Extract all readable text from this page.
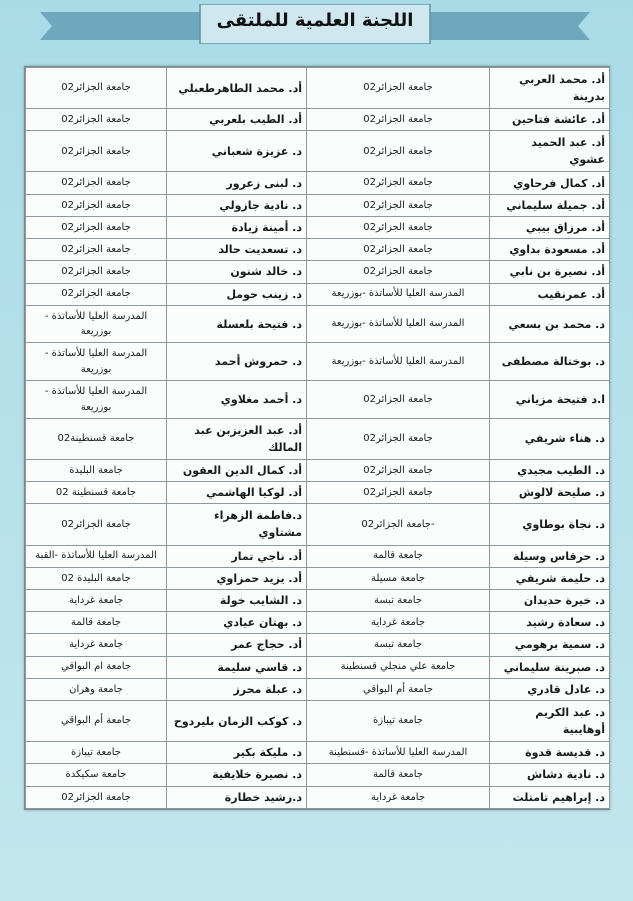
اللجنة العلمية للملتقى
أد. محمد العربي بدرينة	جامعة الجزائر02	أد. محمد الطاهرطعبلي	جامعة الجزائر02
أد. عائشة فتاحين	جامعة الجزائر02	أد. الطيب بلعربي	جامعة الجزائر02
أد. عبد الحميد عشوي	جامعة الجزائر02	د. عزيزة شعباني	جامعة الجزائر02
أد. كمال فرحاوي	جامعة الجزائر02	د. لبنى زعرور	جامعة الجزائر02
أد. جميلة سليماني	جامعة الجزائر02	د. نادية جازولي	جامعة الجزائر02
أد. مرزاق بيبي	جامعة الجزائر02	د. أمينة زيادة	جامعة الجزائر02
أد. مسعودة بداوي	جامعة الجزائر02	د. تسعديت حالد	جامعة الجزائر02
أد. نصيرة بن نابي	جامعة الجزائر02	د. خالد شنون	جامعة الجزائر02
أد. عمرنقيب	المدرسة العليا للأساتذة -بوزريعة	د. زينب حومل	جامعة الجزائر02
د. محمد بن بسعي	المدرسة العليا للأساتذة -بوزريعة	د. فتيحة بلعسلة	المدرسة العليا للأساتذة - بوزريعة
د. بوختالة مصطفى	المدرسة العليا للأساتذة -بوزريعة	د. حمروش أحمد	المدرسة العليا للأساتذة - بوزريعة
ا.د فتيحة مزياني	جامعة الجزائر02	د. أحمد مغلاوي	المدرسة العليا للأساتذة - بوزريعة
د. هناء شريفي	جامعة الجزائر02	أد. عبد العزيزبن عبد المالك	جامعة قسنطينة02
د. الطيب مجيدي	جامعة الجزائر02	أد. كمال الدين العقون	جامعة البليدة
د. صليحة لالوش	جامعة الجزائر02	أد. لوكيا الهاشمي	جامعة قسنطينة 02
د. نجاة بوطاوي	-جامعة الجزائر02	د.فاطمة الزهراء مشتاوي	جامعة الجزائر02
د. حرقاس وسيلة	جامعة قالمة	أد. ناجي تمار	المدرسة العليا للأساتذة -القبة
د. حليمة شريفي	جامعة مسيلة	أد. يزيد حمزاوي	جامعة البليدة 02
د. خيرة حديدان	جامعة تبسة	د. الشايب خولة	جامعة غرداية
د. سعادة رشيد	جامعة غرداية	د. بهتان عيادي	جامعة قالمة
د. سمية برهومي	جامعة تبسة	أد. حجاج عمر	جامعة غرداية
د. صبرينة سليماني	جامعة علي منجلي قسنطينة	د. قاسي سليمة	جامعة ام البواقي
د. عادل قادري	جامعة أم البواقي	د. عبلة محرز	جامعة وهران
د. عبد الكريم أوهايبية	جامعة تيبازة	د. كوكب الزمان بليردوح	جامعة أم البواقي
د. قديسة قدوة	المدرسة العليا للأساتذة -قسنطينة	د. مليكة بكير	جامعة تيبازة
د. نادية دشاش	جامعة قالمة	د. نصيرة خلايفية	جامعة سكيكدة
د. إبراهيم تامتلت	جامعة غرداية	د.رشيد خطارة	جامعة الجزائر02
